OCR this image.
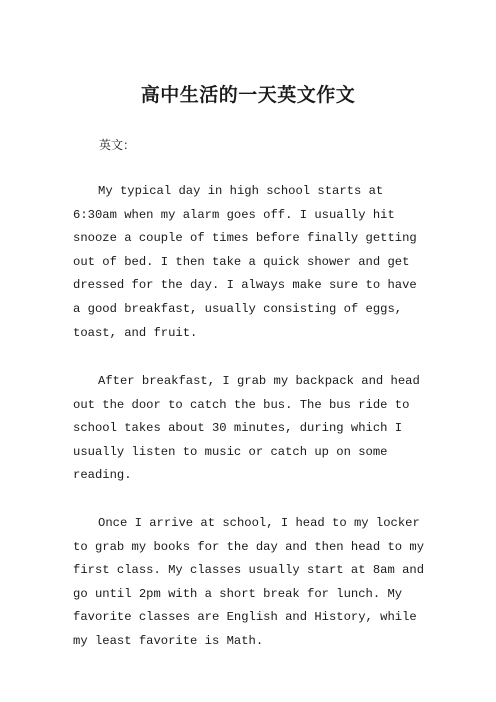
高中生活的一天英文作文

英文：

My typical day in high school starts at 6:30am when my alarm goes off. I usually hit snooze a couple of times before finally getting out of bed. I then take a quick shower and get dressed for the day. I always make sure to have a good breakfast, usually consisting of eggs, toast, and fruit.

After breakfast, I grab my backpack and head out the door to catch the bus. The bus ride to school takes about 30 minutes, during which I usually listen to music or catch up on some reading.

Once I arrive at school, I head to my locker to grab my books for the day and then head to my first class. My classes usually start at 8am and go until 2pm with a short break for lunch. My favorite classes are English and History, while my least favorite is Math.
